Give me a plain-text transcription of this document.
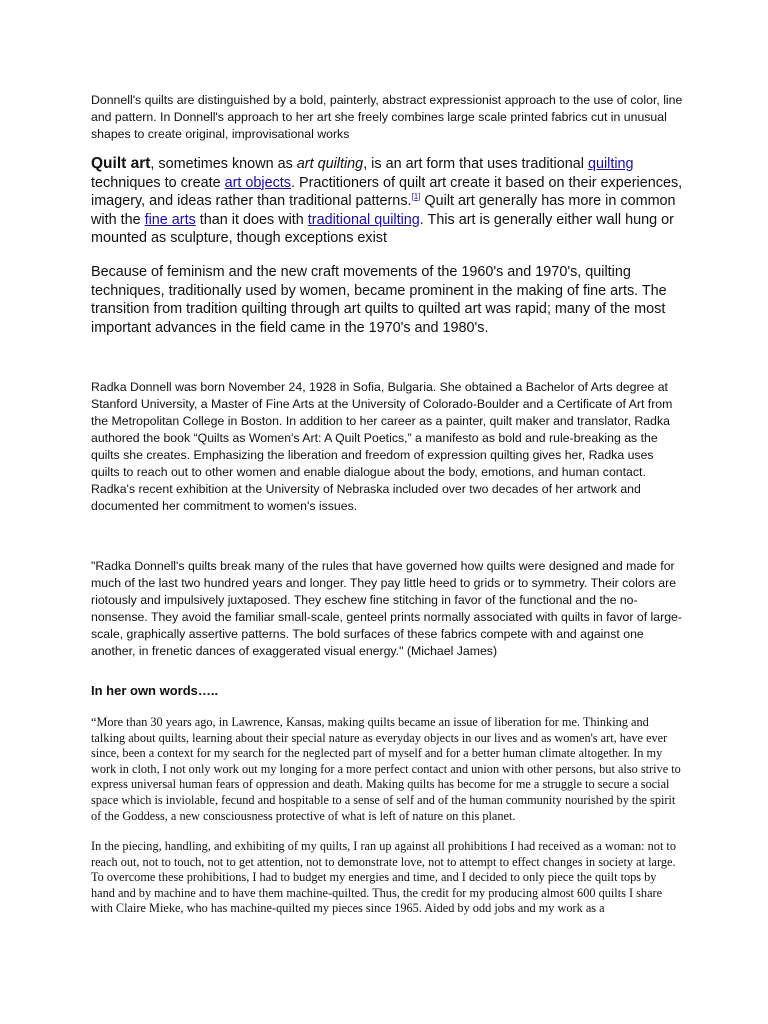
Donnell's quilts are distinguished by a bold, painterly, abstract expressionist approach to the use of color, line and pattern. In Donnell's approach to her art she freely combines large scale printed fabrics cut in unusual shapes to create original, improvisational works

Quilt art, sometimes known as art quilting, is an art form that uses traditional quilting techniques to create art objects. Practitioners of quilt art create it based on their experiences, imagery, and ideas rather than traditional patterns.[1] Quilt art generally has more in common with the fine arts than it does with traditional quilting. This art is generally either wall hung or mounted as sculpture, though exceptions exist

Because of feminism and the new craft movements of the 1960's and 1970's, quilting techniques, traditionally used by women, became prominent in the making of fine arts. The transition from tradition quilting through art quilts to quilted art was rapid; many of the most important advances in the field came in the 1970's and 1980's.

Radka Donnell was born November 24, 1928 in Sofia, Bulgaria. She obtained a Bachelor of Arts degree at Stanford University, a Master of Fine Arts at the University of Colorado-Boulder and a Certificate of Art from the Metropolitan College in Boston. In addition to her career as a painter, quilt maker and translator, Radka authored the book “Quilts as Women's Art: A Quilt Poetics,” a manifesto as bold and rule-breaking as the quilts she creates. Emphasizing the liberation and freedom of expression quilting gives her, Radka uses quilts to reach out to other women and enable dialogue about the body, emotions, and human contact. Radka's recent exhibition at the University of Nebraska included over two decades of her artwork and documented her commitment to women's issues.

"Radka Donnell's quilts break many of the rules that have governed how quilts were designed and made for much of the last two hundred years and longer. They pay little heed to grids or to symmetry. Their colors are riotously and impulsively juxtaposed. They eschew fine stitching in favor of the functional and the no-nonsense. They avoid the familiar small-scale, genteel prints normally associated with quilts in favor of large-scale, graphically assertive patterns. The bold surfaces of these fabrics compete with and against one another, in frenetic dances of exaggerated visual energy." (Michael James)

In her own words…..

“More than 30 years ago, in Lawrence, Kansas, making quilts became an issue of liberation for me. Thinking and talking about quilts, learning about their special nature as everyday objects in our lives and as women's art, have ever since, been a context for my search for the neglected part of myself and for a better human climate altogether. In my work in cloth, I not only work out my longing for a more perfect contact and union with other persons, but also strive to express universal human fears of oppression and death. Making quilts has become for me a struggle to secure a social space which is inviolable, fecund and hospitable to a sense of self and of the human community nourished by the spirit of the Goddess, a new consciousness protective of what is left of nature on this planet.

In the piecing, handling, and exhibiting of my quilts, I ran up against all prohibitions I had received as a woman: not to reach out, not to touch, not to get attention, not to demonstrate love, not to attempt to effect changes in society at large. To overcome these prohibitions, I had to budget my energies and time, and I decided to only piece the quilt tops by hand and by machine and to have them machine-quilted. Thus, the credit for my producing almost 600 quilts I share with Claire Mieke, who has machine-quilted my pieces since 1965. Aided by odd jobs and my work as a
